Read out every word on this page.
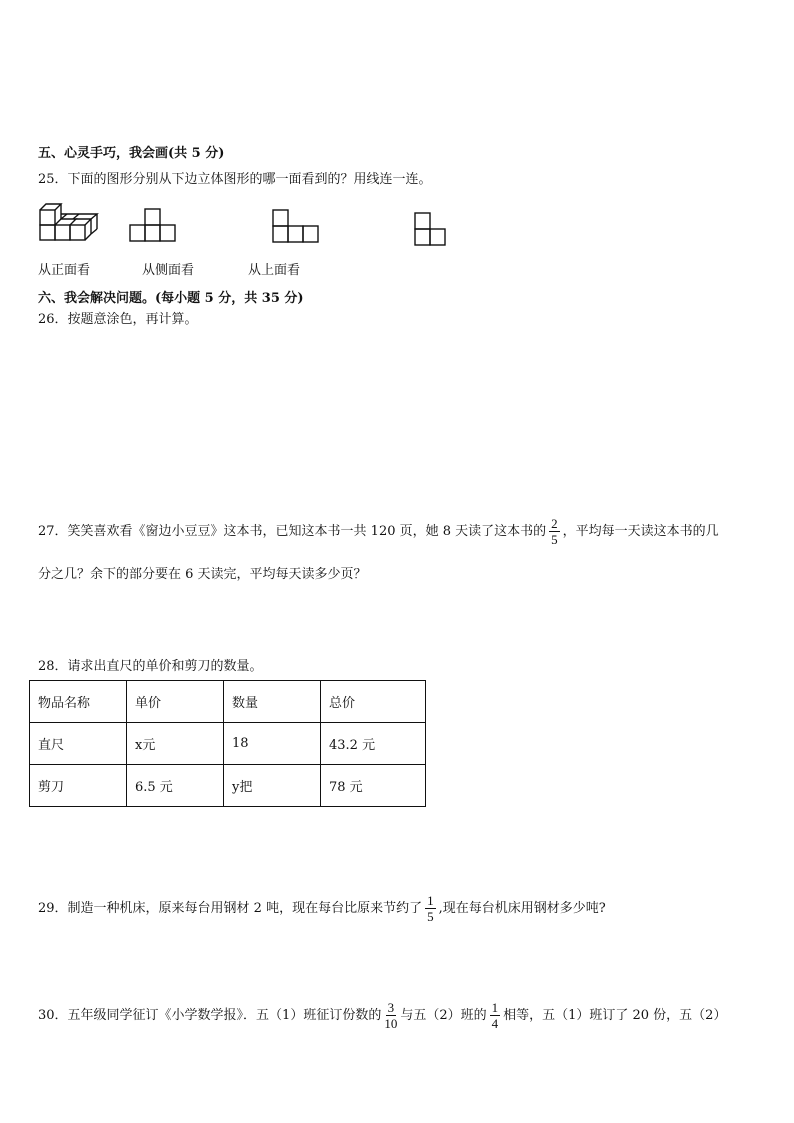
五、心灵手巧，我会画(共 5 分)
25．下面的图形分别从下边立体图形的哪一面看到的？用线连一连。
从正面看	从侧面看	从上面看
六、我会解决问题。(每小题 5 分，共 35 分)
26．按题意涂色，再计算。
27．笑笑喜欢看《窗边小豆豆》这本书，已知这本书一共 120 页，她 8 天读了这本书的 $\frac{2}{5}$ ，平均每一天读这本书的几
分之几？余下的部分要在 6 天读完，平均每天读多少页？
28．请求出直尺的单价和剪刀的数量。
物品名称	单价	数量	总价
直尺	x元	18	43.2 元
剪刀	6.5 元	y把	78 元
29．制造一种机床，原来每台用钢材 2 吨，现在每台比原来节约了 $\frac{1}{5}$ ,现在每台机床用钢材多少吨?
30．五年级同学征订《小学数学报》．五（1）班征订份数的 $\frac{3}{10}$ 与五（2）班的 $\frac{1}{4}$ 相等，五（1）班订了 20 份，五（2）
